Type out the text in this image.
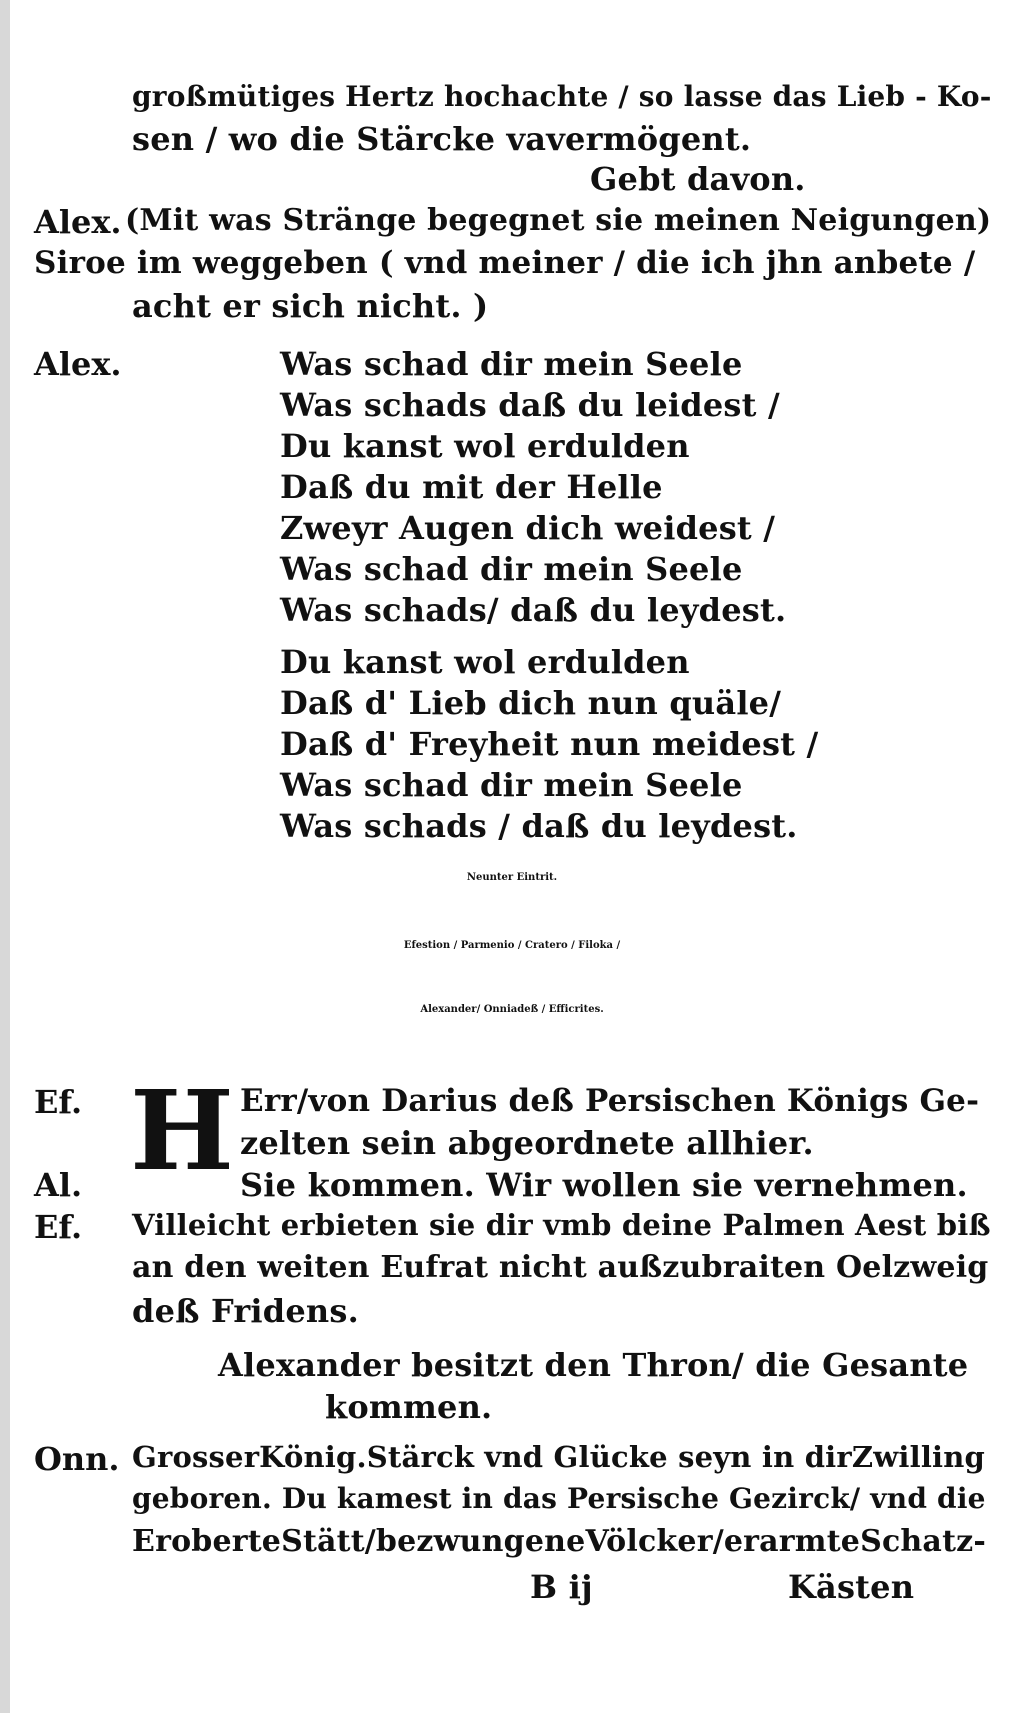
großmütiges Hertz hochachte / so lasse das Lieb - Ko-
sen / wo die Stärcke vavermögent.
Gebt davon.
Alex. (Mit was Stränge begegnet sie meinen Neigungen)
Siroe im weggeben ( vnd meiner / die ich jhn anbete /
acht er sich nicht. )
Alex.	Was schad dir mein Seele
Was schads daß du leidest /
Du kanst wol erdulden
Daß du mit der Helle
Zweyr Augen dich weidest /
Was schad dir mein Seele
Was schads/ daß du leydest.
Du kanst wol erdulden
Daß d' Lieb dich nun quäle/
Daß d' Freyheit nun meidest /
Was schad dir mein Seele
Was schads / daß du leydest.
Neunter Eintrit.
Efestion / Parmenio / Cratero / Filoka /
Alexander/ Onniadeß / Efficrites.
H
Ef.	Err/von Darius deß Persischen Königs Ge-
zelten sein abgeordnete allhier.
Al.	Sie kommen. Wir wollen sie vernehmen.
Ef. Villeicht erbieten sie dir vmb deine Palmen Aest biß
an den weiten Eufrat nicht außzubraiten Oelzweig
deß Fridens.
Alexander besitzt den Thron/ die Gesante
kommen.
Onn. GrosserKönig.Stärck vnd Glücke seyn in dirZwilling
geboren. Du kamest in das Persische Gezirck/ vnd die
EroberteStätt/bezwungeneVölcker/erarmteSchatz-
B ij	Kästen
